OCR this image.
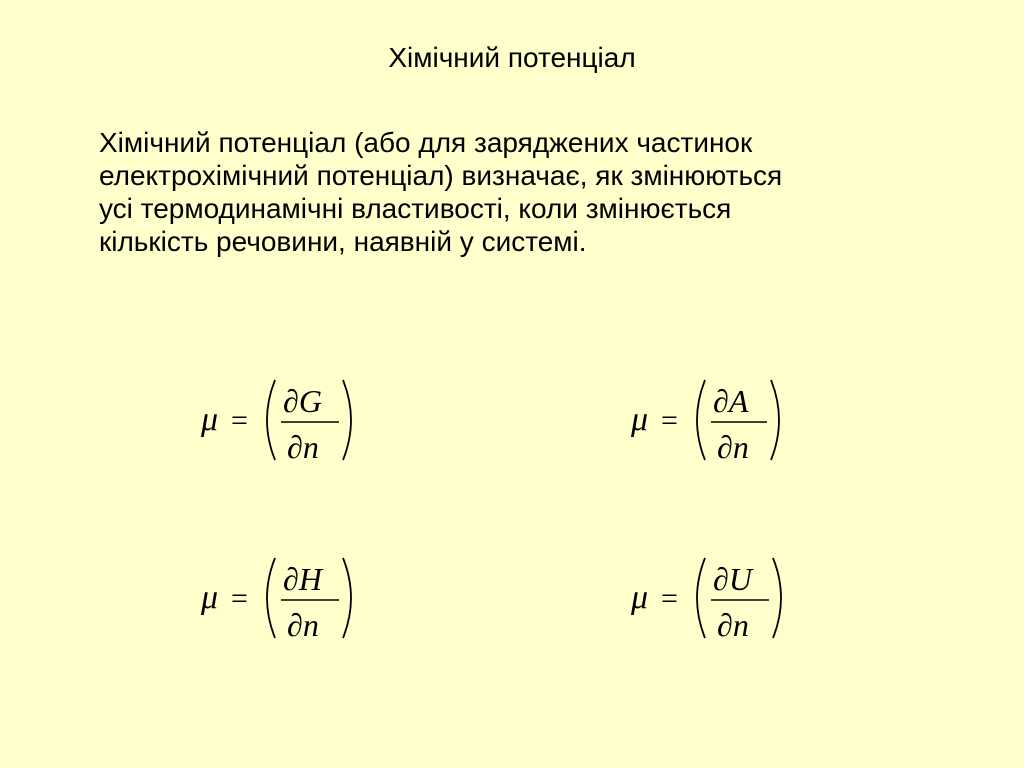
Хімічний потенціал

Хімічний потенціал (або для заряджених частинок
електрохімічний потенціал) визначає, як змінюються
усі термодинамічні властивості, коли змінюється
кількість речовини, наявній у системі.

μ =
∂G
∂n
μ =
∂A
∂n
μ =
∂H
∂n
μ =
∂U
∂n
